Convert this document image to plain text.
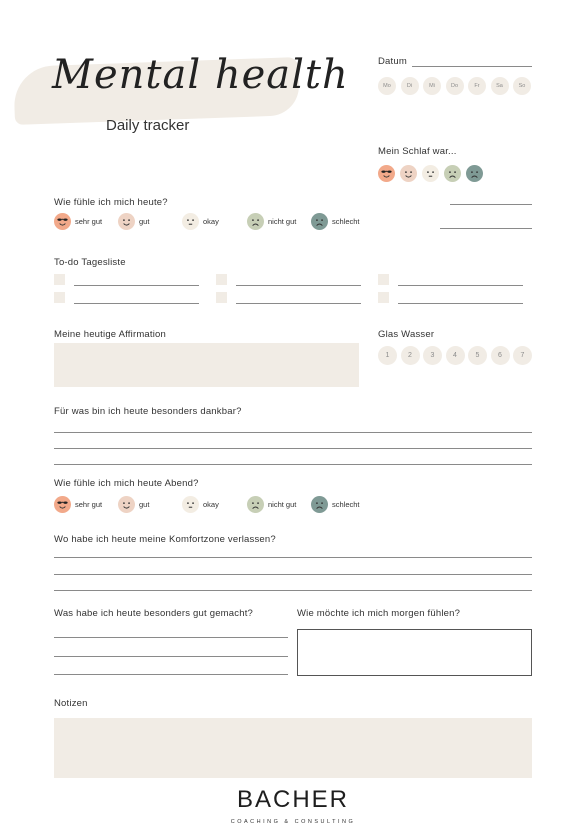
Mental health
Daily tracker
Datum
Mo	Di	Mi	Do	Fr	Sa	So
Mein Schlaf war...
Wie fühle ich mich heute?
sehr gut	gut	okay	nicht gut	schlecht
To-do Tagesliste
Meine heutige Affirmation	Glas Wasser
1	2	3	4	5	6	7
Für was bin ich heute besonders dankbar?
Wie fühle ich mich heute Abend?
sehr gut	gut	okay	nicht gut	schlecht
Wo habe ich heute meine Komfortzone verlassen?
Was habe ich heute besonders gut gemacht?	Wie möchte ich mich morgen fühlen?
Notizen
BACHER
COACHING & CONSULTING
